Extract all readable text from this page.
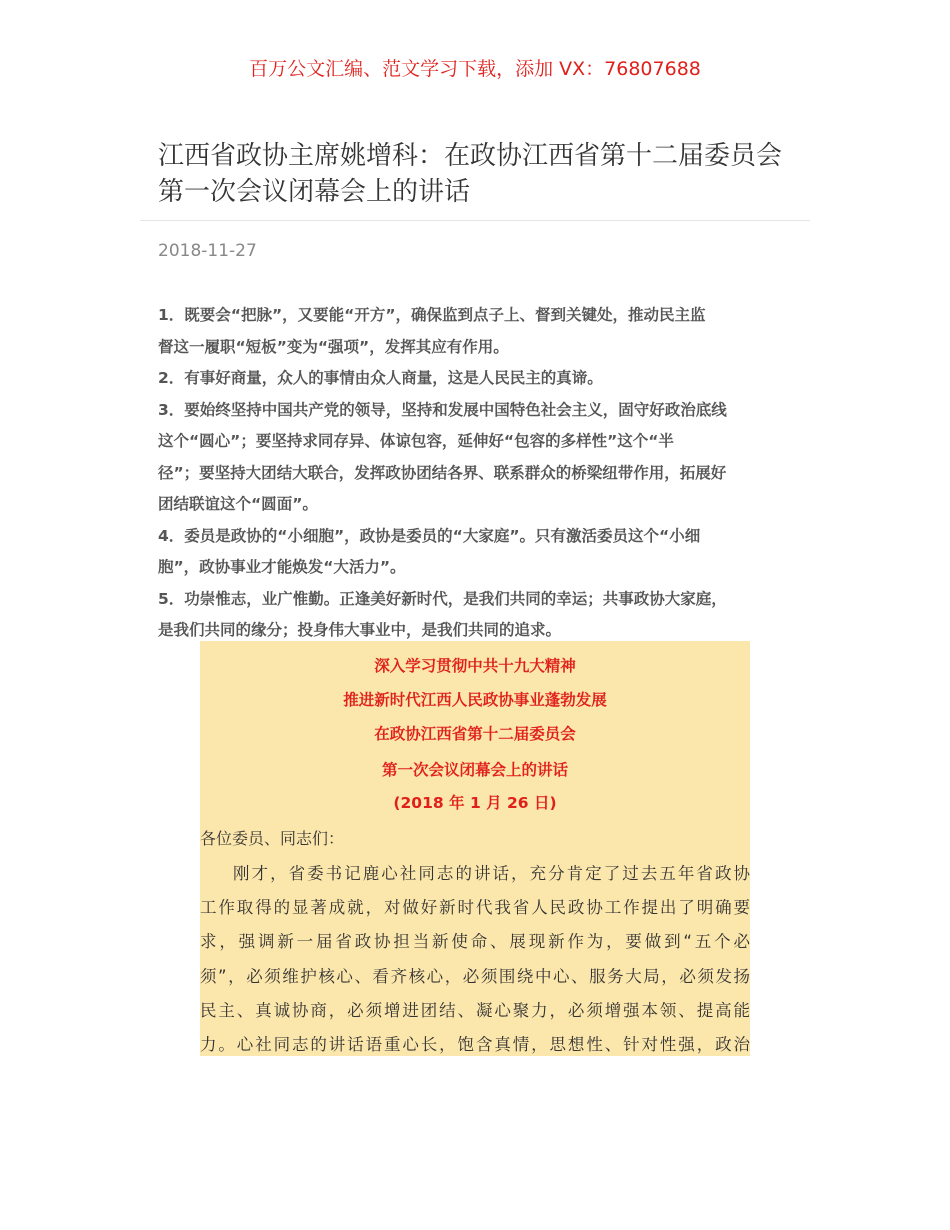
百万公文汇编、范文学习下载，添加 VX：76807688
江西省政协主席姚增科：在政协江西省第十二届委员会
第一次会议闭幕会上的讲话
2018-11-27

1．既要会“把脉”，又要能“开方”，确保监到点子上、督到关键处，推动民主监
督这一履职“短板”变为“强项”，发挥其应有作用。

2．有事好商量，众人的事情由众人商量，这是人民民主的真谛。

3．要始终坚持中国共产党的领导，坚持和发展中国特色社会主义，固守好政治底线
这个“圆心”；要坚持求同存异、体谅包容，延伸好“包容的多样性”这个“半
径”；要坚持大团结大联合，发挥政协团结各界、联系群众的桥梁纽带作用，拓展好
团结联谊这个“圆面”。

4．委员是政协的“小细胞”，政协是委员的“大家庭”。只有激活委员这个“小细
胞”，政协事业才能焕发“大活力”。

5．功崇惟志，业广惟勤。正逢美好新时代，是我们共同的幸运；共事政协大家庭，
是我们共同的缘分；投身伟大事业中，是我们共同的追求。

深入学习贯彻中共十九大精神
推进新时代江西人民政协事业蓬勃发展
在政协江西省第十二届委员会
第一次会议闭幕会上的讲话
(2018 年 1 月 26 日)
各位委员、同志们：
刚才，省委书记鹿心社同志的讲话，充分肯定了过去五年省政协
工作取得的显著成就，对做好新时代我省人民政协工作提出了明确要
求，强调新一届省政协担当新使命、展现新作为，要做到“五个必
须”，必须维护核心、看齐核心，必须围绕中心、服务大局，必须发扬
民主、真诚协商，必须增进团结、凝心聚力，必须增强本领、提高能
力。心社同志的讲话语重心长，饱含真情，思想性、针对性强，政治
